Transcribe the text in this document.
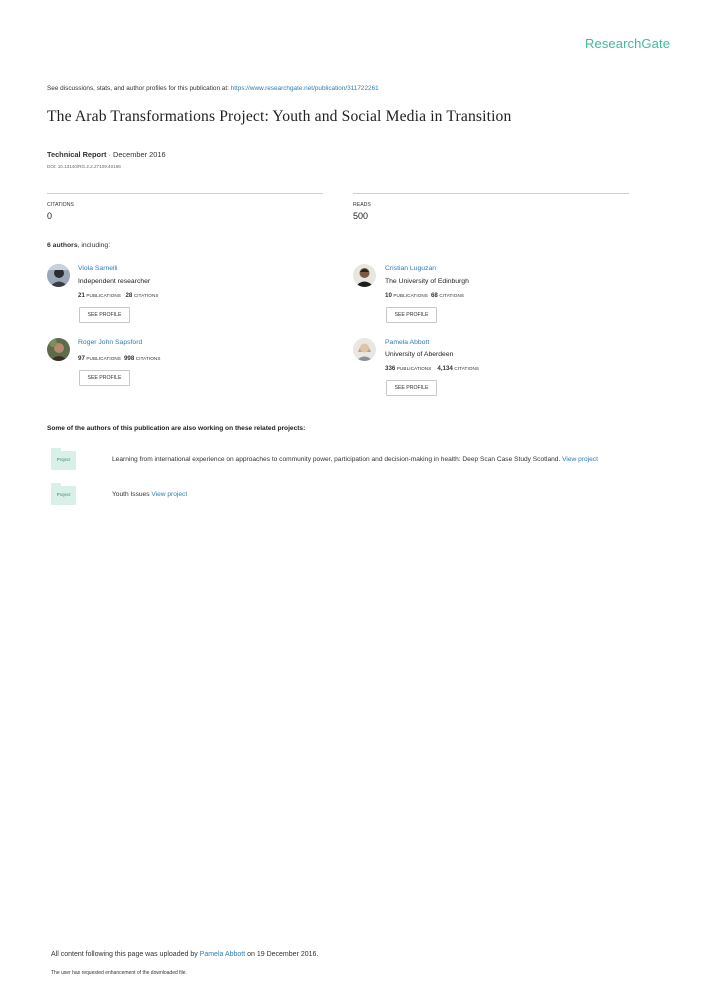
ResearchGate
See discussions, stats, and author profiles for this publication at: https://www.researchgate.net/publication/311722261
The Arab Transformations Project: Youth and Social Media in Transition
Technical Report · December 2016
DOI: 10.13140/RG.2.2.27109.40166
CITATIONS
0
READS
500
6 authors, including:
Viola Sarnelli
Independent researcher
21 PUBLICATIONS 28 CITATIONS
SEE PROFILE
Cristian Luguzan
The University of Edinburgh
10 PUBLICATIONS 68 CITATIONS
SEE PROFILE
Roger John Sapsford
97 PUBLICATIONS 998 CITATIONS
SEE PROFILE
Pamela Abbott
University of Aberdeen
336 PUBLICATIONS 4,134 CITATIONS
SEE PROFILE
Some of the authors of this publication are also working on these related projects:
Project	Learning from international experience on approaches to community power, participation and decision-making in health: Deep Scan Case Study Scotland. View project
Project	Youth Issues View project
All content following this page was uploaded by Pamela Abbott on 19 December 2016.
The user has requested enhancement of the downloaded file.
